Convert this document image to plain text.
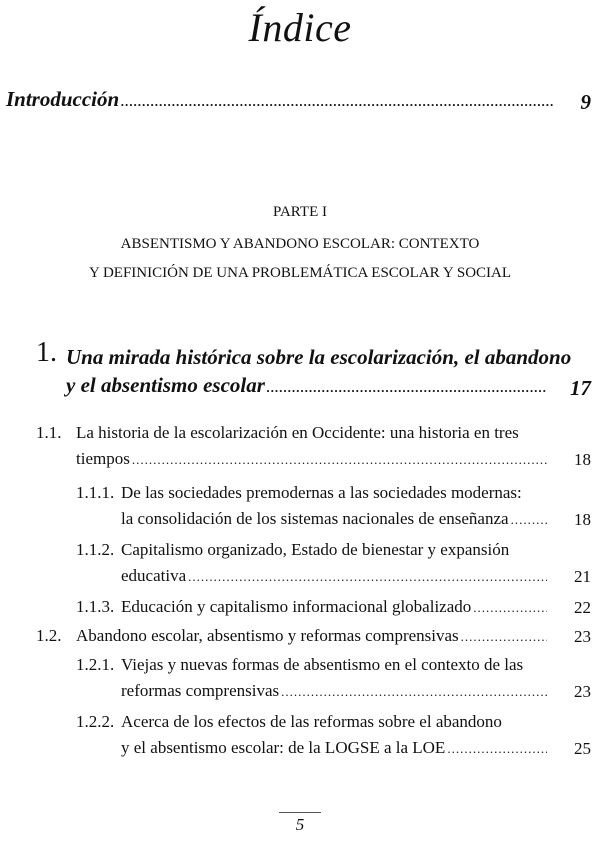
Índice
Introducción .....	9
PARTE I
ABSENTISMO Y ABANDONO ESCOLAR: CONTEXTO
Y DEFINICIÓN DE UNA PROBLEMÁTICA ESCOLAR Y SOCIAL
1. Una mirada histórica sobre la escolarización, el abandono
y el absentismo escolar .....	17
1.1. La historia de la escolarización en Occidente: una historia en tres
tiempos .....	18
1.1.1. De las sociedades premodernas a las sociedades modernas:
la consolidación de los sistemas nacionales de enseñanza .....	18
1.1.2. Capitalismo organizado, Estado de bienestar y expansión
educativa .....	21
1.1.3. Educación y capitalismo informacional globalizado .....	22
1.2. Abandono escolar, absentismo y reformas comprensivas .....	23
1.2.1. Viejas y nuevas formas de absentismo en el contexto de las
reformas comprensivas .....	23
1.2.2. Acerca de los efectos de las reformas sobre el abandono
y el absentismo escolar: de la LOGSE a la LOE .....	25
5
